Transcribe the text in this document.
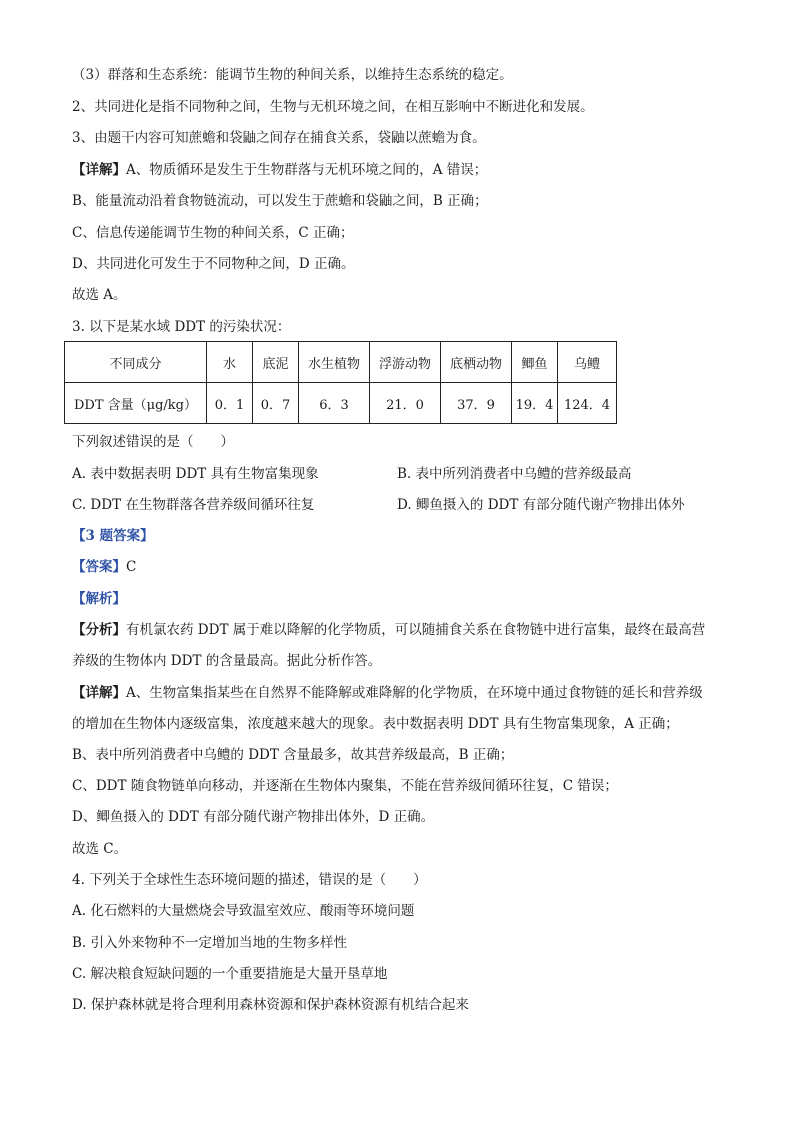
（3）群落和生态系统：能调节生物的种间关系，以维持生态系统的稳定。
2、共同进化是指不同物种之间，生物与无机环境之间，在相互影响中不断进化和发展。
3、由题干内容可知蔗蟾和袋鼬之间存在捕食关系，袋鼬以蔗蟾为食。
【详解】A、物质循环是发生于生物群落与无机环境之间的，A 错误；
B、能量流动沿着食物链流动，可以发生于蔗蟾和袋鼬之间，B 正确；
C、信息传递能调节生物的种间关系，C 正确；
D、共同进化可发生于不同物种之间，D 正确。
故选 A。
3. 以下是某水域 DDT 的污染状况：
不同成分	水	底泥	水生植物	浮游动物	底栖动物	鲫鱼	乌鳢
DDT 含量（μg/kg）	0．1	0．7	6．3	21．0	37．9	19．4	124．4
下列叙述错误的是（　　）
A. 表中数据表明 DDT 具有生物富集现象	B. 表中所列消费者中乌鳢的营养级最高
C. DDT 在生物群落各营养级间循环往复	D. 鲫鱼摄入的 DDT 有部分随代谢产物排出体外
【3 题答案】
【答案】C
【解析】
【分析】有机氯农药 DDT 属于难以降解的化学物质，可以随捕食关系在食物链中进行富集，最终在最高营
养级的生物体内 DDT 的含量最高。据此分析作答。
【详解】A、生物富集指某些在自然界不能降解或难降解的化学物质，在环境中通过食物链的延长和营养级
的增加在生物体内逐级富集，浓度越来越大的现象。表中数据表明 DDT 具有生物富集现象，A 正确；
B、表中所列消费者中乌鳢的 DDT 含量最多，故其营养级最高，B 正确；
C、DDT 随食物链单向移动，并逐渐在生物体内聚集，不能在营养级间循环往复，C 错误；
D、鲫鱼摄入的 DDT 有部分随代谢产物排出体外，D 正确。
故选 C。
4. 下列关于全球性生态环境问题的描述，错误的是（　　）
A. 化石燃料的大量燃烧会导致温室效应、酸雨等环境问题
B. 引入外来物种不一定增加当地的生物多样性
C. 解决粮食短缺问题的一个重要措施是大量开垦草地
D. 保护森林就是将合理利用森林资源和保护森林资源有机结合起来
